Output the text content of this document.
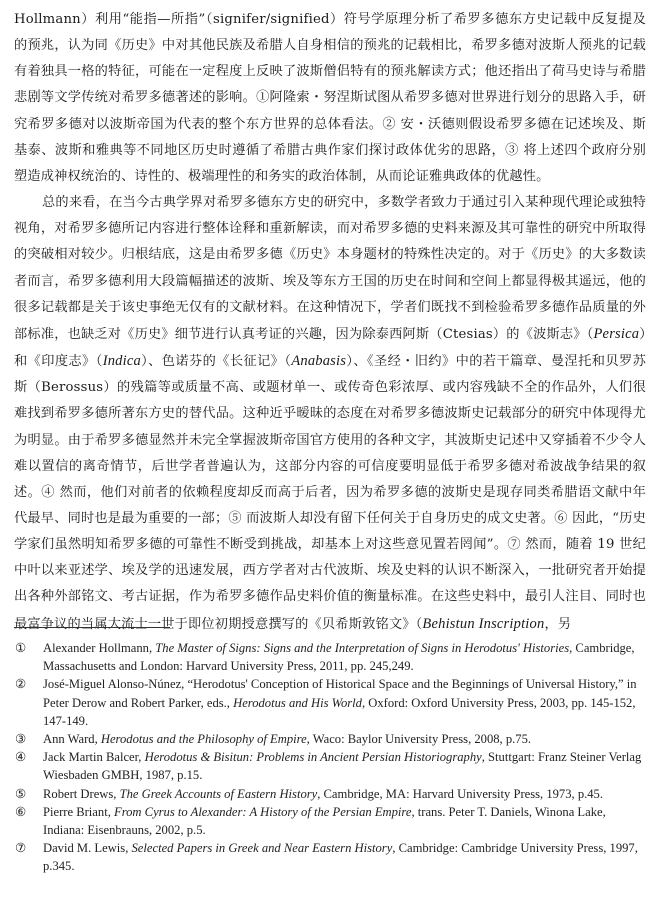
Hollmann）利用“能指—所指”（signifer/signified）符号学原理分析了希罗多德东方史记载中反复提及的预兆，认为同《历史》中对其他民族及希腊人自身相信的预兆的记载相比，希罗多德对波斯人预兆的记载有着独具一格的特征，可能在一定程度上反映了波斯僧侣特有的预兆解读方式；他还指出了荷马史诗与希腊悲剧等文学传统对希罗多德著述的影响。①阿隆索・努涅斯试图从希罗多德对世界进行划分的思路入手，研究希罗多德对以波斯帝国为代表的整个东方世界的总体看法。② 安・沃德则假设希罗多德在记述埃及、斯基泰、波斯和雅典等不同地区历史时遵循了希腊古典作家们探讨政体优劣的思路，③ 将上述四个政府分别塑造成神权统治的、诗性的、极端理性的和务实的政治体制，从而论证雅典政体的优越性。

总的来看，在当今古典学界对希罗多德东方史的研究中，多数学者致力于通过引入某种现代理论或独特视角，对希罗多德所记内容进行整体诠释和重新解读，而对希罗多德的史料来源及其可靠性的研究中所取得的突破相对较少。归根结底，这是由希罗多德《历史》本身题材的特殊性决定的。对于《历史》的大多数读者而言，希罗多德利用大段篇幅描述的波斯、埃及等东方王国的历史在时间和空间上都显得极其遥远，他的很多记载都是关于该史事绝无仅有的文献材料。在这种情况下，学者们既找不到检验希罗多德作品质量的外部标准，也缺乏对《历史》细节进行认真考证的兴趣，因为除泰西阿斯（Ctesias）的《波斯志》（Persica）和《印度志》（Indica）、色诺芬的《长征记》（Anabasis）、《圣经・旧约》中的若干篇章、曼涅托和贝罗苏斯（Berossus）的残篇等或质量不高、或题材单一、或传奇色彩浓厚、或内容残缺不全的作品外，人们很难找到希罗多德所著东方史的替代品。这种近乎暧昧的态度在对希罗多德波斯史记载部分的研究中体现得尤为明显。由于希罗多德显然并未完全掌握波斯帝国官方使用的各种文字，其波斯史记述中又穿插着不少令人难以置信的离奇情节，后世学者普遍认为，这部分内容的可信度要明显低于希罗多德对希波战争结果的叙述。④ 然而，他们对前者的依赖程度却反而高于后者，因为希罗多德的波斯史是现存同类希腊语文献中年代最早、同时也是最为重要的一部；⑤ 而波斯人却没有留下任何关于自身历史的成文史著。⑥ 因此，“历史学家们虽然明知希罗多德的可靠性不断受到挑战，却基本上对这些意见置若罔闻”。⑦ 然而，随着 19 世纪中叶以来亚述学、埃及学的迅速发展，西方学者对古代波斯、埃及史料的认识不断深入，一批研究者开始提出各种外部铭文、考古证据，作为希罗多德作品史料价值的衡量标准。在这些史料中，最引人注目、同时也最富争议的当属大流士一世于即位初期授意撰写的《贝希斯敦铭文》（Behistun Inscription，另

①	Alexander Hollmann, The Master of Signs: Signs and the Interpretation of Signs in Herodotus' Histories, Cambridge, Massachusetts and London: Harvard University Press, 2011, pp. 245,249.
②	José-Miguel Alonso-Núnez, “Herodotus' Conception of Historical Space and the Beginnings of Universal History,” in Peter Derow and Robert Parker, eds., Herodotus and His World, Oxford: Oxford University Press, 2003, pp. 145-152, 147-149.
③	Ann Ward, Herodotus and the Philosophy of Empire, Waco: Baylor University Press, 2008, p.75.
④	Jack Martin Balcer, Herodotus & Bisitun: Problems in Ancient Persian Historiography, Stuttgart: Franz Steiner Verlag Wiesbaden GMBH, 1987, p.15.
⑤	Robert Drews, The Greek Accounts of Eastern History, Cambridge, MA: Harvard University Press, 1973, p.45.
⑥	Pierre Briant, From Cyrus to Alexander: A History of the Persian Empire, trans. Peter T. Daniels, Winona Lake, Indiana: Eisenbrauns, 2002, p.5.
⑦	David M. Lewis, Selected Papers in Greek and Near Eastern History, Cambridge: Cambridge University Press, 1997, p.345.
